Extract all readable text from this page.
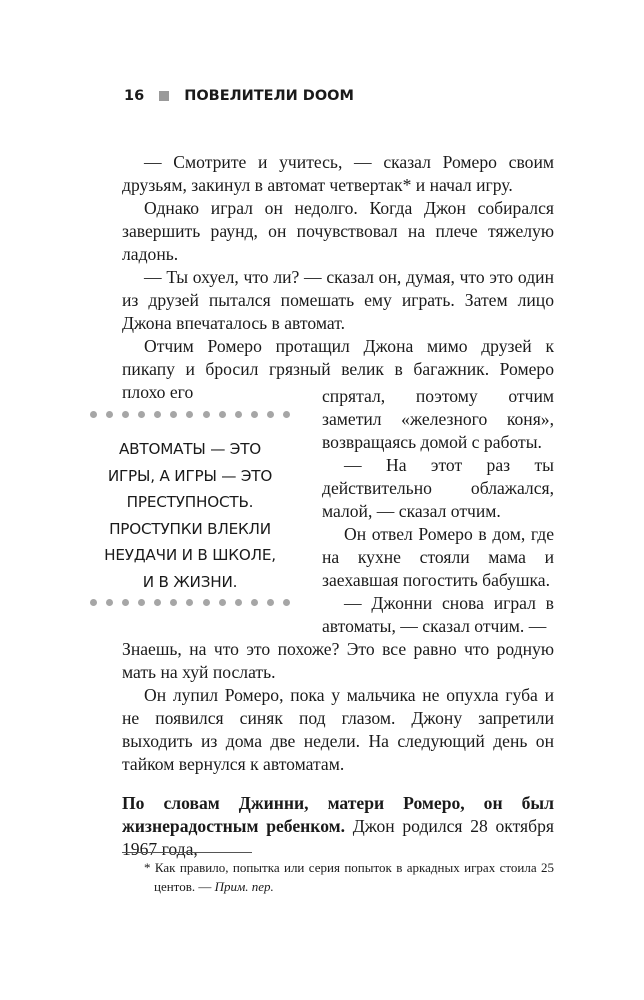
16	ПОВЕЛИТЕЛИ DOOM

— Смотрите и учитесь, — сказал Ромеро своим друзьям, закинул в автомат четвертак* и начал игру.

Однако играл он недолго. Когда Джон собирался завершить раунд, он почувствовал на плече тяжелую ладонь.

— Ты охуел, что ли? — сказал он, думая, что это один из друзей пытался помешать ему играть. Затем лицо Джона впечаталось в автомат.

Отчим Ромеро протащил Джона мимо друзей к пикапу и бросил грязный велик в багажник. Ромеро плохо его

АВТОМАТЫ — ЭТО
ИГРЫ, А ИГРЫ — ЭТО
ПРЕСТУПНОСТЬ.
ПРОСТУПКИ ВЛЕКЛИ
НЕУДАЧИ И В ШКОЛЕ,
И В ЖИЗНИ.

спрятал, поэтому отчим заметил «железного коня», возвращаясь домой с работы.

— На этот раз ты действительно облажался, малой, — сказал отчим.

Он отвел Ромеро в дом, где на кухне стояли мама и заехавшая погостить бабушка.

— Джонни снова играл в автоматы, — сказал отчим. —

Знаешь, на что это похоже? Это все равно что родную мать на хуй послать.

Он лупил Ромеро, пока у мальчика не опухла губа и не появился синяк под глазом. Джону запретили выходить из дома две недели. На следующий день он тайком вернулся к автоматам.

По словам Джинни, матери Ромеро, он был жизнерадостным ребенком. Джон родился 28 октября 1967 года,

* Как правило, попытка или серия попыток в аркадных играх стоила 25 центов. — Прим. пер.
